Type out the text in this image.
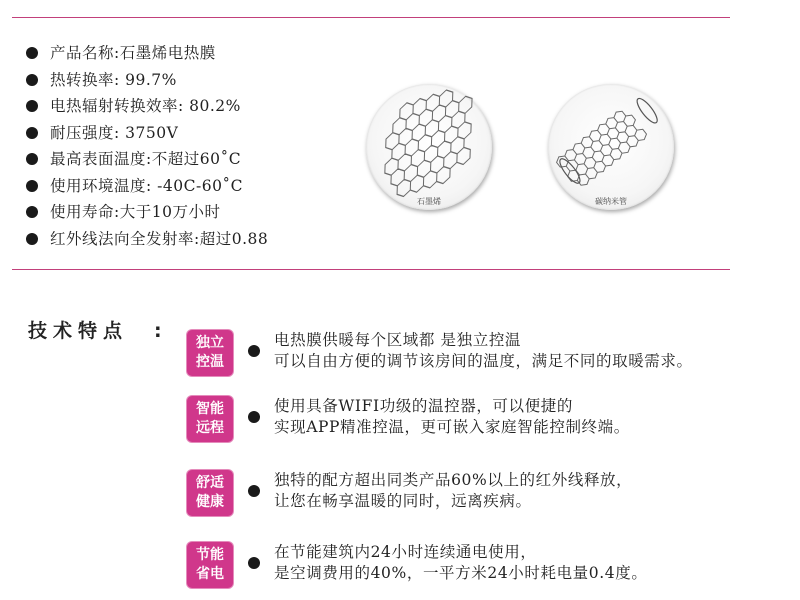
产品名称:石墨烯电热膜
热转换率: 99.7%
电热辐射转换效率: 80.2%
耐压强度: 3750V
最高表面温度:不超过60˚C
使用环境温度: -40C-60˚C
使用寿命:大于10万小时
红外线法向全发射率:超过0.88
石墨烯	碳纳米管
技术特点 :
独立
控温
电热膜供暖每个区域都 是独立控温
可以自由方便的调节该房间的温度，满足不同的取暖需求。
智能
远程
使用具备WIFI功级的温控器，可以便捷的
实现APP精准控温，更可嵌入家庭智能控制终端。
舒适
健康
独特的配方超出同类产品60%以上的红外线释放，
让您在畅享温暖的同时，远离疾病。
节能
省电
在节能建筑内24小时连续通电使用，
是空调费用的40%，一平方米24小时耗电量0.4度。
